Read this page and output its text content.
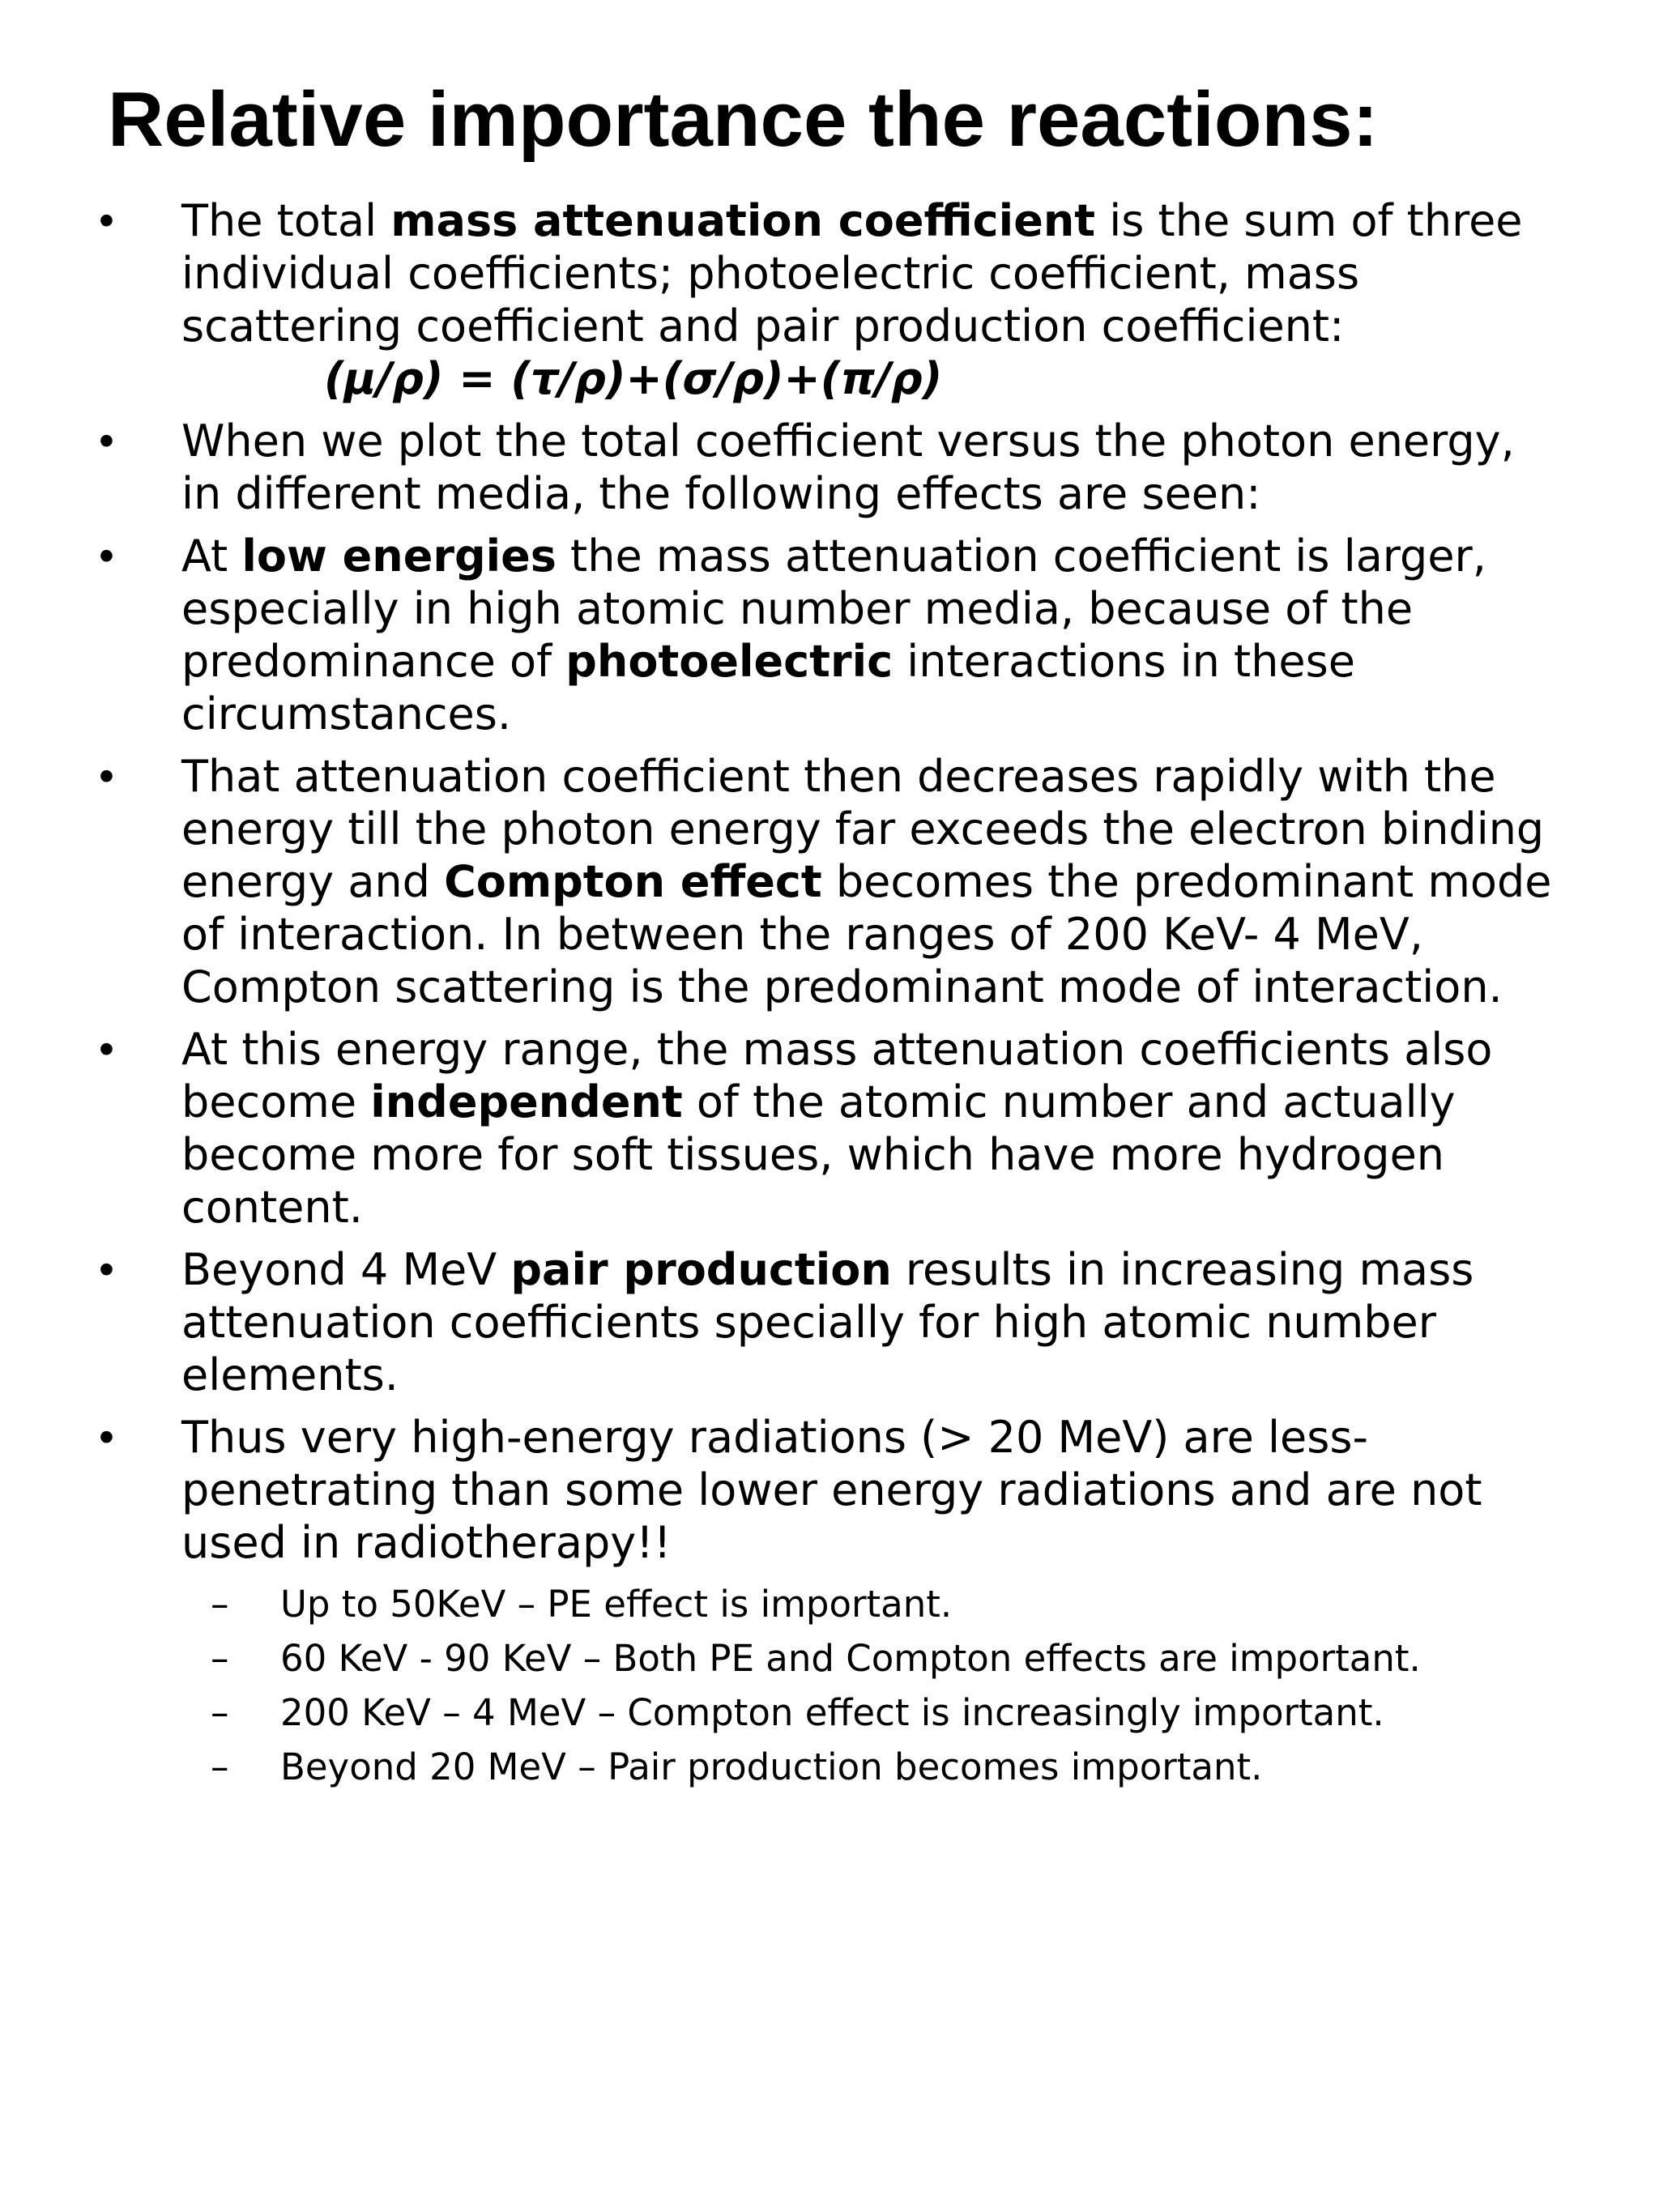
Relative importance the reactions:
• The total mass attenuation coefficient is the sum of three
individual coefficients; photoelectric coefficient, mass
scattering coefficient and pair production coefficient:
(μ/ρ) = (τ/ρ)+(σ/ρ)+(π/ρ)
• When we plot the total coefficient versus the photon energy,
in different media, the following effects are seen:
• At low energies the mass attenuation coefficient is larger,
especially in high atomic number media, because of the
predominance of photoelectric interactions in these
circumstances.
• That attenuation coefficient then decreases rapidly with the
energy till the photon energy far exceeds the electron binding
energy and Compton effect becomes the predominant mode
of interaction. In between the ranges of 200 KeV- 4 MeV,
Compton scattering is the predominant mode of interaction.
• At this energy range, the mass attenuation coefficients also
become independent of the atomic number and actually
become more for soft tissues, which have more hydrogen
content.
• Beyond 4 MeV pair production results in increasing mass
attenuation coefficients specially for high atomic number
elements.
• Thus very high-energy radiations (> 20 MeV) are less-
penetrating than some lower energy radiations and are not
used in radiotherapy!!
– Up to 50KeV – PE effect is important.
– 60 KeV - 90 KeV – Both PE and Compton effects are important.
– 200 KeV – 4 MeV – Compton effect is increasingly important.
– Beyond 20 MeV – Pair production becomes important.
